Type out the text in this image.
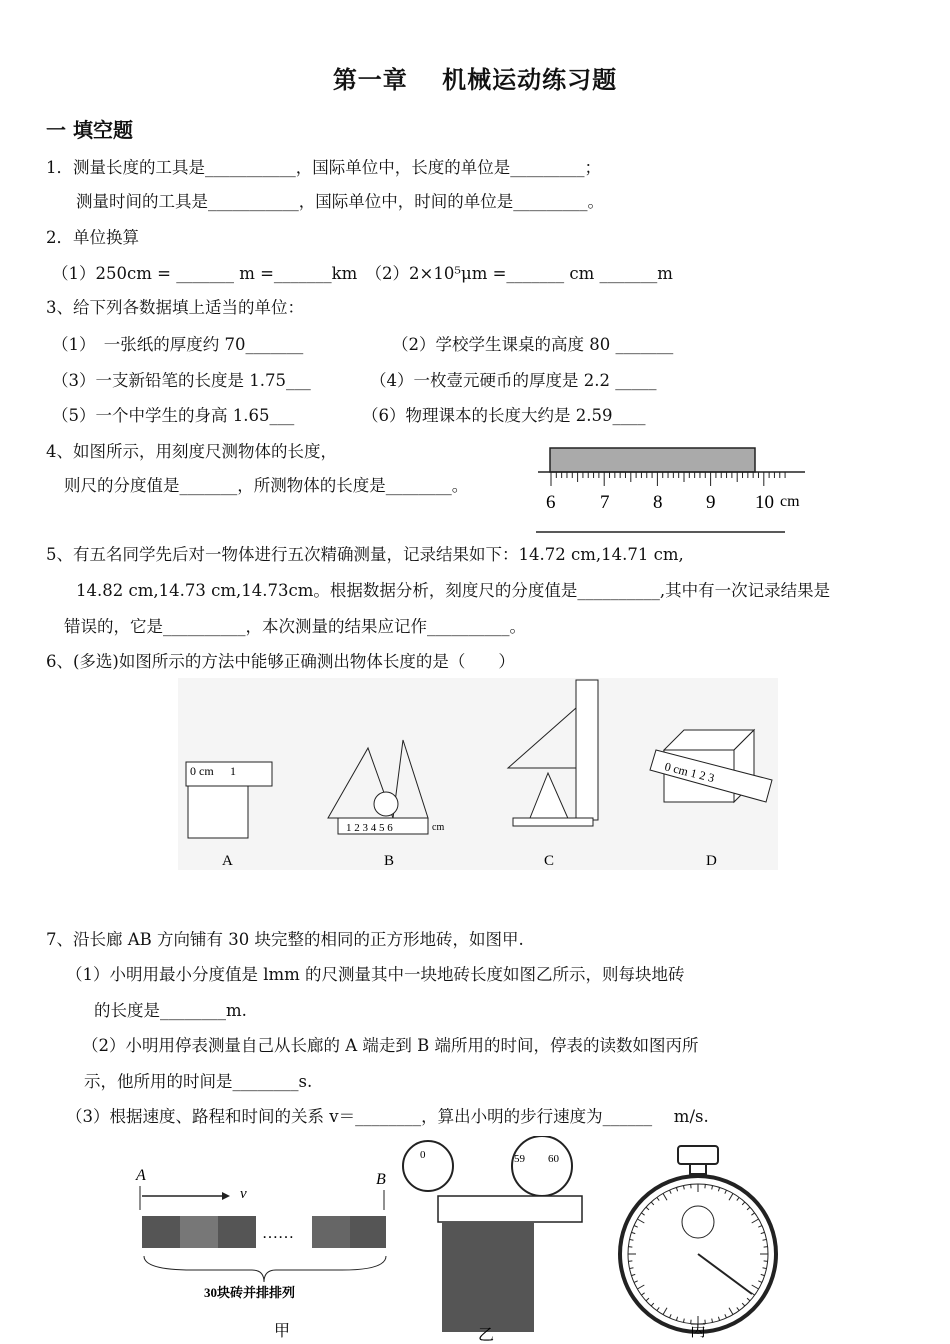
第一章　 机械运动练习题
一 填空题
1．测量长度的工具是___________，国际单位中，长度的单位是_________；
测量时间的工具是___________，国际单位中，时间的单位是_________。
2．单位换算
（1）250cm = _______ m =_______km　（2）2×10⁵μm =_______ cm _______m
3、给下列各数据填上适当的单位：
（1）　一张纸的厚度约 70_______	（2）学校学生课桌的高度 80 _______
（3）一支新铅笔的长度是 1.75___	（4）一枚壹元硬币的厚度是 2.2 _____
（5）一个中学生的身高 1.65___	（6）物理课本的长度大约是 2.59____
4、如图所示，用刻度尺测物体的长度，
则尺的分度值是_______，所测物体的长度是________。
6 7 8 9 10 cm
5、有五名同学先后对一物体进行五次精确测量，记录结果如下：14.72 cm,14.71 cm,
14.82 cm,14.73 cm,14.73cm。根据数据分析，刻度尺的分度值是__________,其中有一次记录结果是
错误的，它是__________，本次测量的结果应记作__________。
6、(多选)如图所示的方法中能够正确测出物体长度的是（　　）
0 cm 1
A
1 2 3 4 5 6	cm
B	C
0 cm 1 2 3
D
7、沿长廊 AB 方向铺有 30 块完整的相同的正方形地砖，如图甲.
（1）小明用最小分度值是 lmm 的尺测量其中一块地砖长度如图乙所示，则每块地砖
的长度是________m.
（2）小明用停表测量自己从长廊的 A 端走到 B 端所用的时间，停表的读数如图丙所
示，他所用的时间是________s.
（3）根据速度、路程和时间的关系 v＝________，算出小明的步行速度为______　 m/s.
A	B
v
……
30块砖并排排列
甲
0	59 60
乙	丙
